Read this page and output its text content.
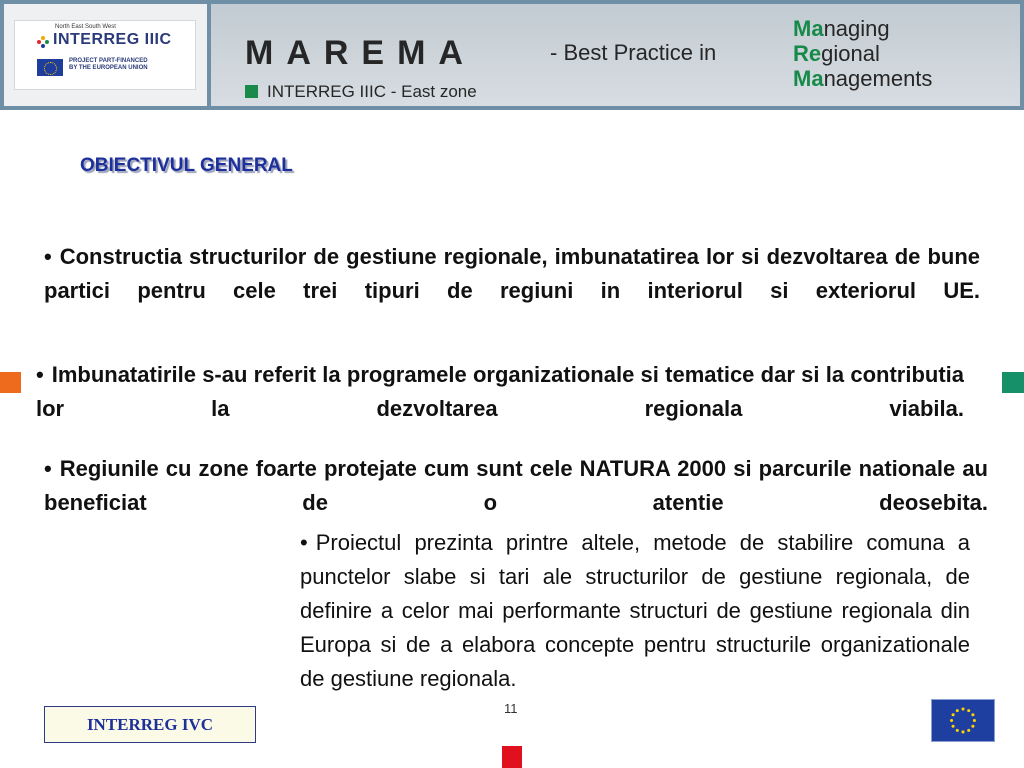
North East South West
INTERREG IIIC
PROJECT PART-FINANCED
BY THE EUROPEAN UNION	MAREMA	- Best Practice in
INTERREG IIIC - East zone
Managing
Regional
Managements
OBIECTIVUL GENERAL
• Constructia structurilor de gestiune regionale, imbunatatirea lor si dezvoltarea de bune partici pentru cele trei tipuri de regiuni in interiorul si exteriorul UE.
• Imbunatatirile s-au referit la programele organizationale si tematice dar si la contributia lor la dezvoltarea regionala viabila.
• Regiunile cu zone foarte protejate cum sunt cele NATURA 2000 si parcurile nationale au beneficiat de o atentie deosebita.
• Proiectul prezinta printre altele, metode de stabilire comuna a punctelor slabe si tari ale structurilor de gestiune regionala, de definire a celor mai performante structuri de gestiune regionala din Europa si de a elabora concepte pentru structurile organizationale de gestiune regionala.
INTERREG IVC
11
